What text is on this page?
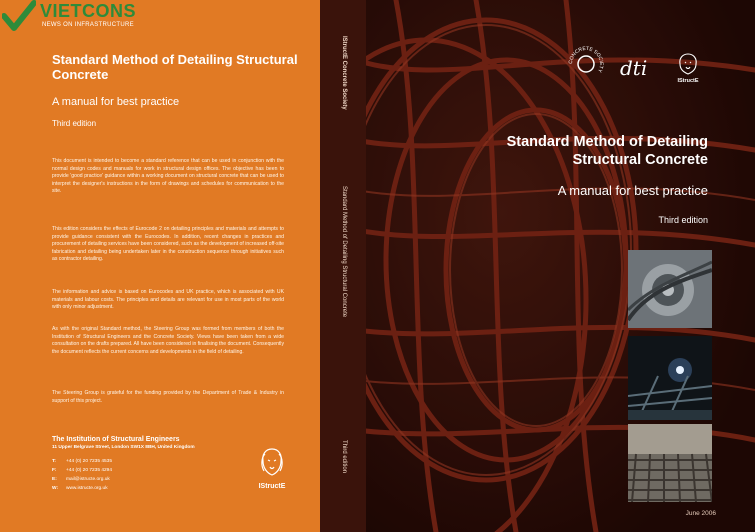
VIETCONS
NEWS ON INFRASTRUCTURE
Standard Method of Detailing Structural Concrete
A manual for best practice
Third edition
This document is intended to become a standard reference that can be used in conjunction with the normal design codes and manuals for work in structural design offices. The objective has been to provide 'good practice' guidance within a working document on structural concrete that can be used to interpret the designer's instructions in the form of drawings and schedules for communication to the site.
This edition considers the effects of Eurocode 2 on detailing principles and materials and attempts to provide guidance consistent with the Eurocodes. In addition, recent changes in practices and procurement of detailing services have been considered, such as the development of increased off-site fabrication and detailing being undertaken later in the construction sequence through initiatives such as contractor detailing.
The information and advice is based on Eurocodes and UK practice, which is associated with UK materials and labour costs. The principles and details are relevant for use in most parts of the world with only minor adjustment.
As with the original Standard method, the Steering Group was formed from members of both the Institution of Structural Engineers and the Concrete Society. Views have been taken from a wide consultation on the drafts prepared. All have been considered in finalising the document. Consequently the document reflects the current concerns and developments in the field of detailing.
The Steering Group is grateful for the funding provided by the Department of Trade & Industry in support of this project.
The Institution of Structural Engineers
11 Upper Belgrave Street, London SW1X 8BH, United Kingdom
T: +44 (0) 20 7235 4535
F: +44 (0) 20 7235 4294
E: mail@istructe.org.uk
W: www.istructe.org.uk	IStructE
IStructE Concrete Society
Standard Method of Detailing Structural Concrete
Third edition
CONCRETE SOCIETY dti
IStructE
Standard Method of Detailing Structural Concrete
A manual for best practice
Third edition
June 2006
